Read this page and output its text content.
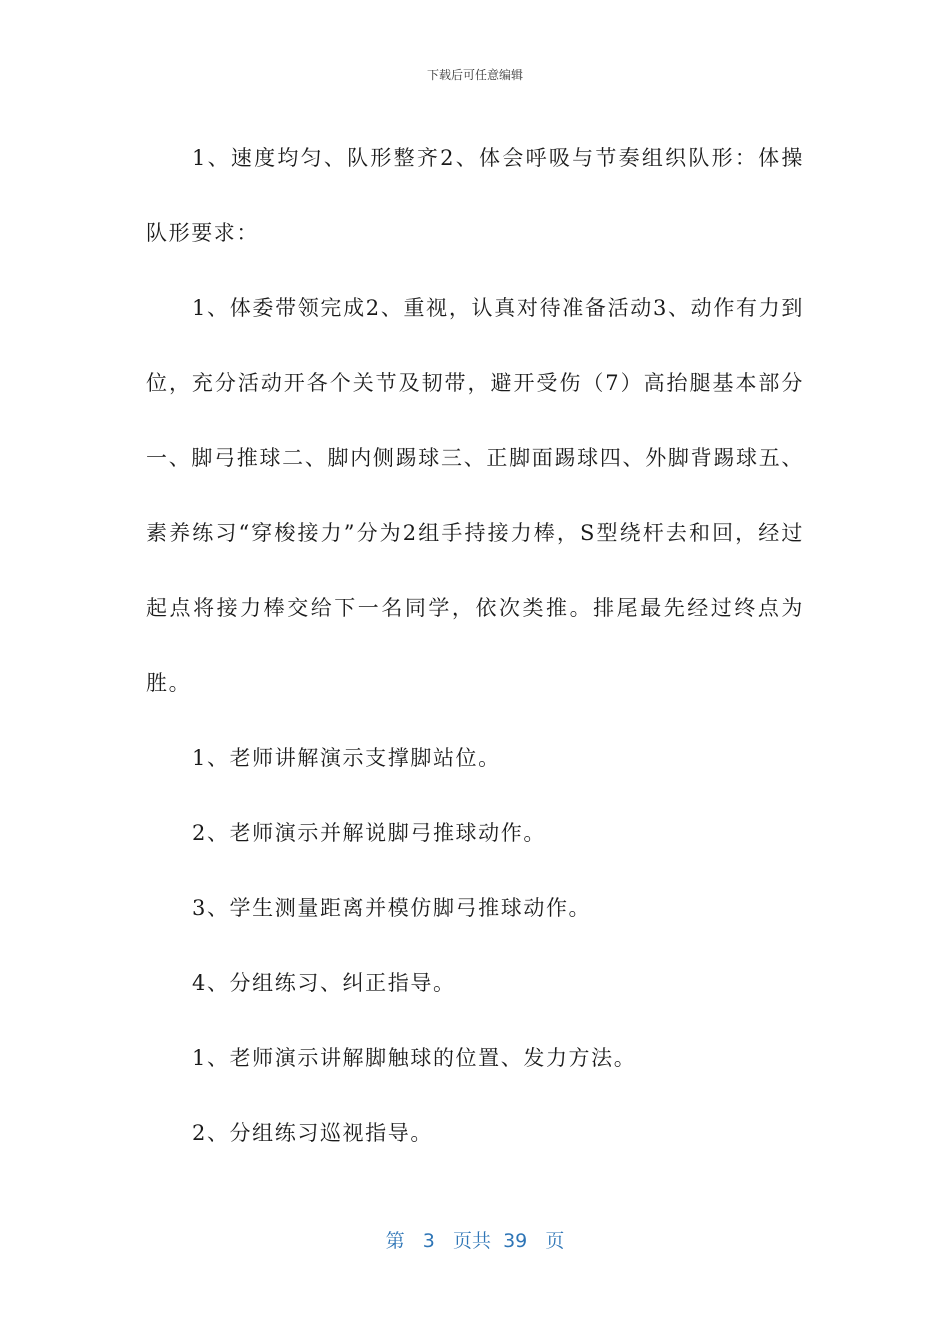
下载后可任意编辑

1、速度均匀、队形整齐2、体会呼吸与节奏组织队形：体操队形要求：

1、体委带领完成2、重视，认真对待准备活动3、动作有力到位，充分活动开各个关节及韧带，避开受伤（7）高抬腿基本部分一、脚弓推球二、脚内侧踢球三、正脚面踢球四、外脚背踢球五、素养练习“穿梭接力”分为2组手持接力棒，S型绕杆去和回，经过起点将接力棒交给下一名同学，依次类推。排尾最先经过终点为胜。

1、老师讲解演示支撑脚站位。

2、老师演示并解说脚弓推球动作。

3、学生测量距离并模仿脚弓推球动作。

4、分组练习、纠正指导。

1、老师演示讲解脚触球的位置、发力方法。

2、分组练习巡视指导。

第 3 页共 39 页
